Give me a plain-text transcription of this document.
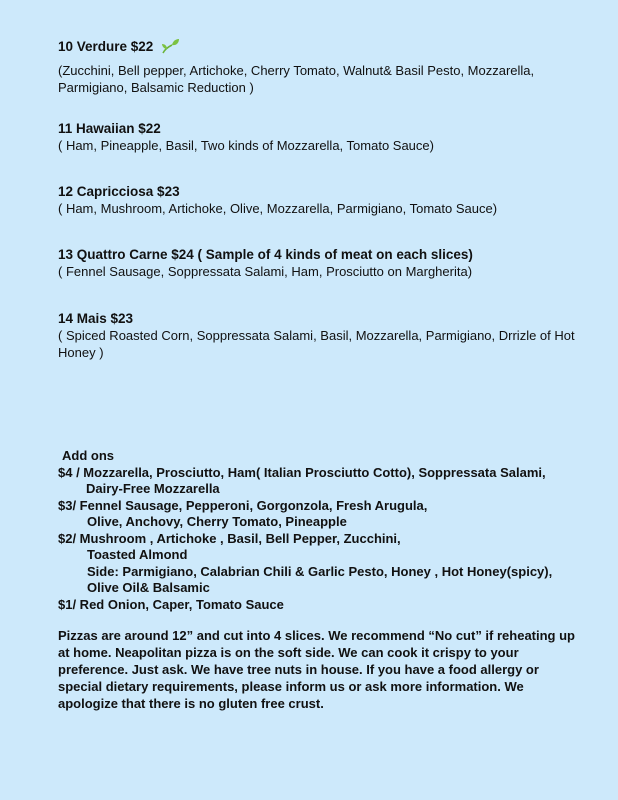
10 Verdure $22
(Zucchini, Bell pepper, Artichoke, Cherry Tomato, Walnut& Basil Pesto, Mozzarella, Parmigiano, Balsamic Reduction )
11 Hawaiian $22
( Ham, Pineapple, Basil, Two kinds of Mozzarella, Tomato Sauce)
12 Capricciosa $23
( Ham, Mushroom, Artichoke, Olive, Mozzarella, Parmigiano, Tomato Sauce)
13 Quattro Carne $24 ( Sample of 4 kinds of meat on each slices)
( Fennel Sausage, Soppressata Salami, Ham, Prosciutto on Margherita)
14 Mais $23
( Spiced Roasted Corn, Soppressata Salami, Basil, Mozzarella, Parmigiano, Drrizle of Hot Honey )
Add ons
$4 / Mozzarella, Prosciutto, Ham( Italian Prosciutto Cotto), Soppressata Salami,
Dairy-Free Mozzarella
$3/ Fennel Sausage, Pepperoni, Gorgonzola, Fresh Arugula,
Olive, Anchovy, Cherry Tomato, Pineapple
$2/ Mushroom , Artichoke , Basil, Bell Pepper, Zucchini,
Toasted Almond
Side: Parmigiano, Calabrian Chili & Garlic Pesto, Honey , Hot Honey(spicy),
Olive Oil& Balsamic
$1/ Red Onion, Caper, Tomato Sauce
Pizzas are around 12” and cut into 4 slices. We recommend “No cut” if reheating up at home. Neapolitan pizza is on the soft side. We can cook it crispy to your preference. Just ask. We have tree nuts in house. If you have a food allergy or special dietary requirements, please inform us or ask more information. We apologize that there is no gluten free crust.
